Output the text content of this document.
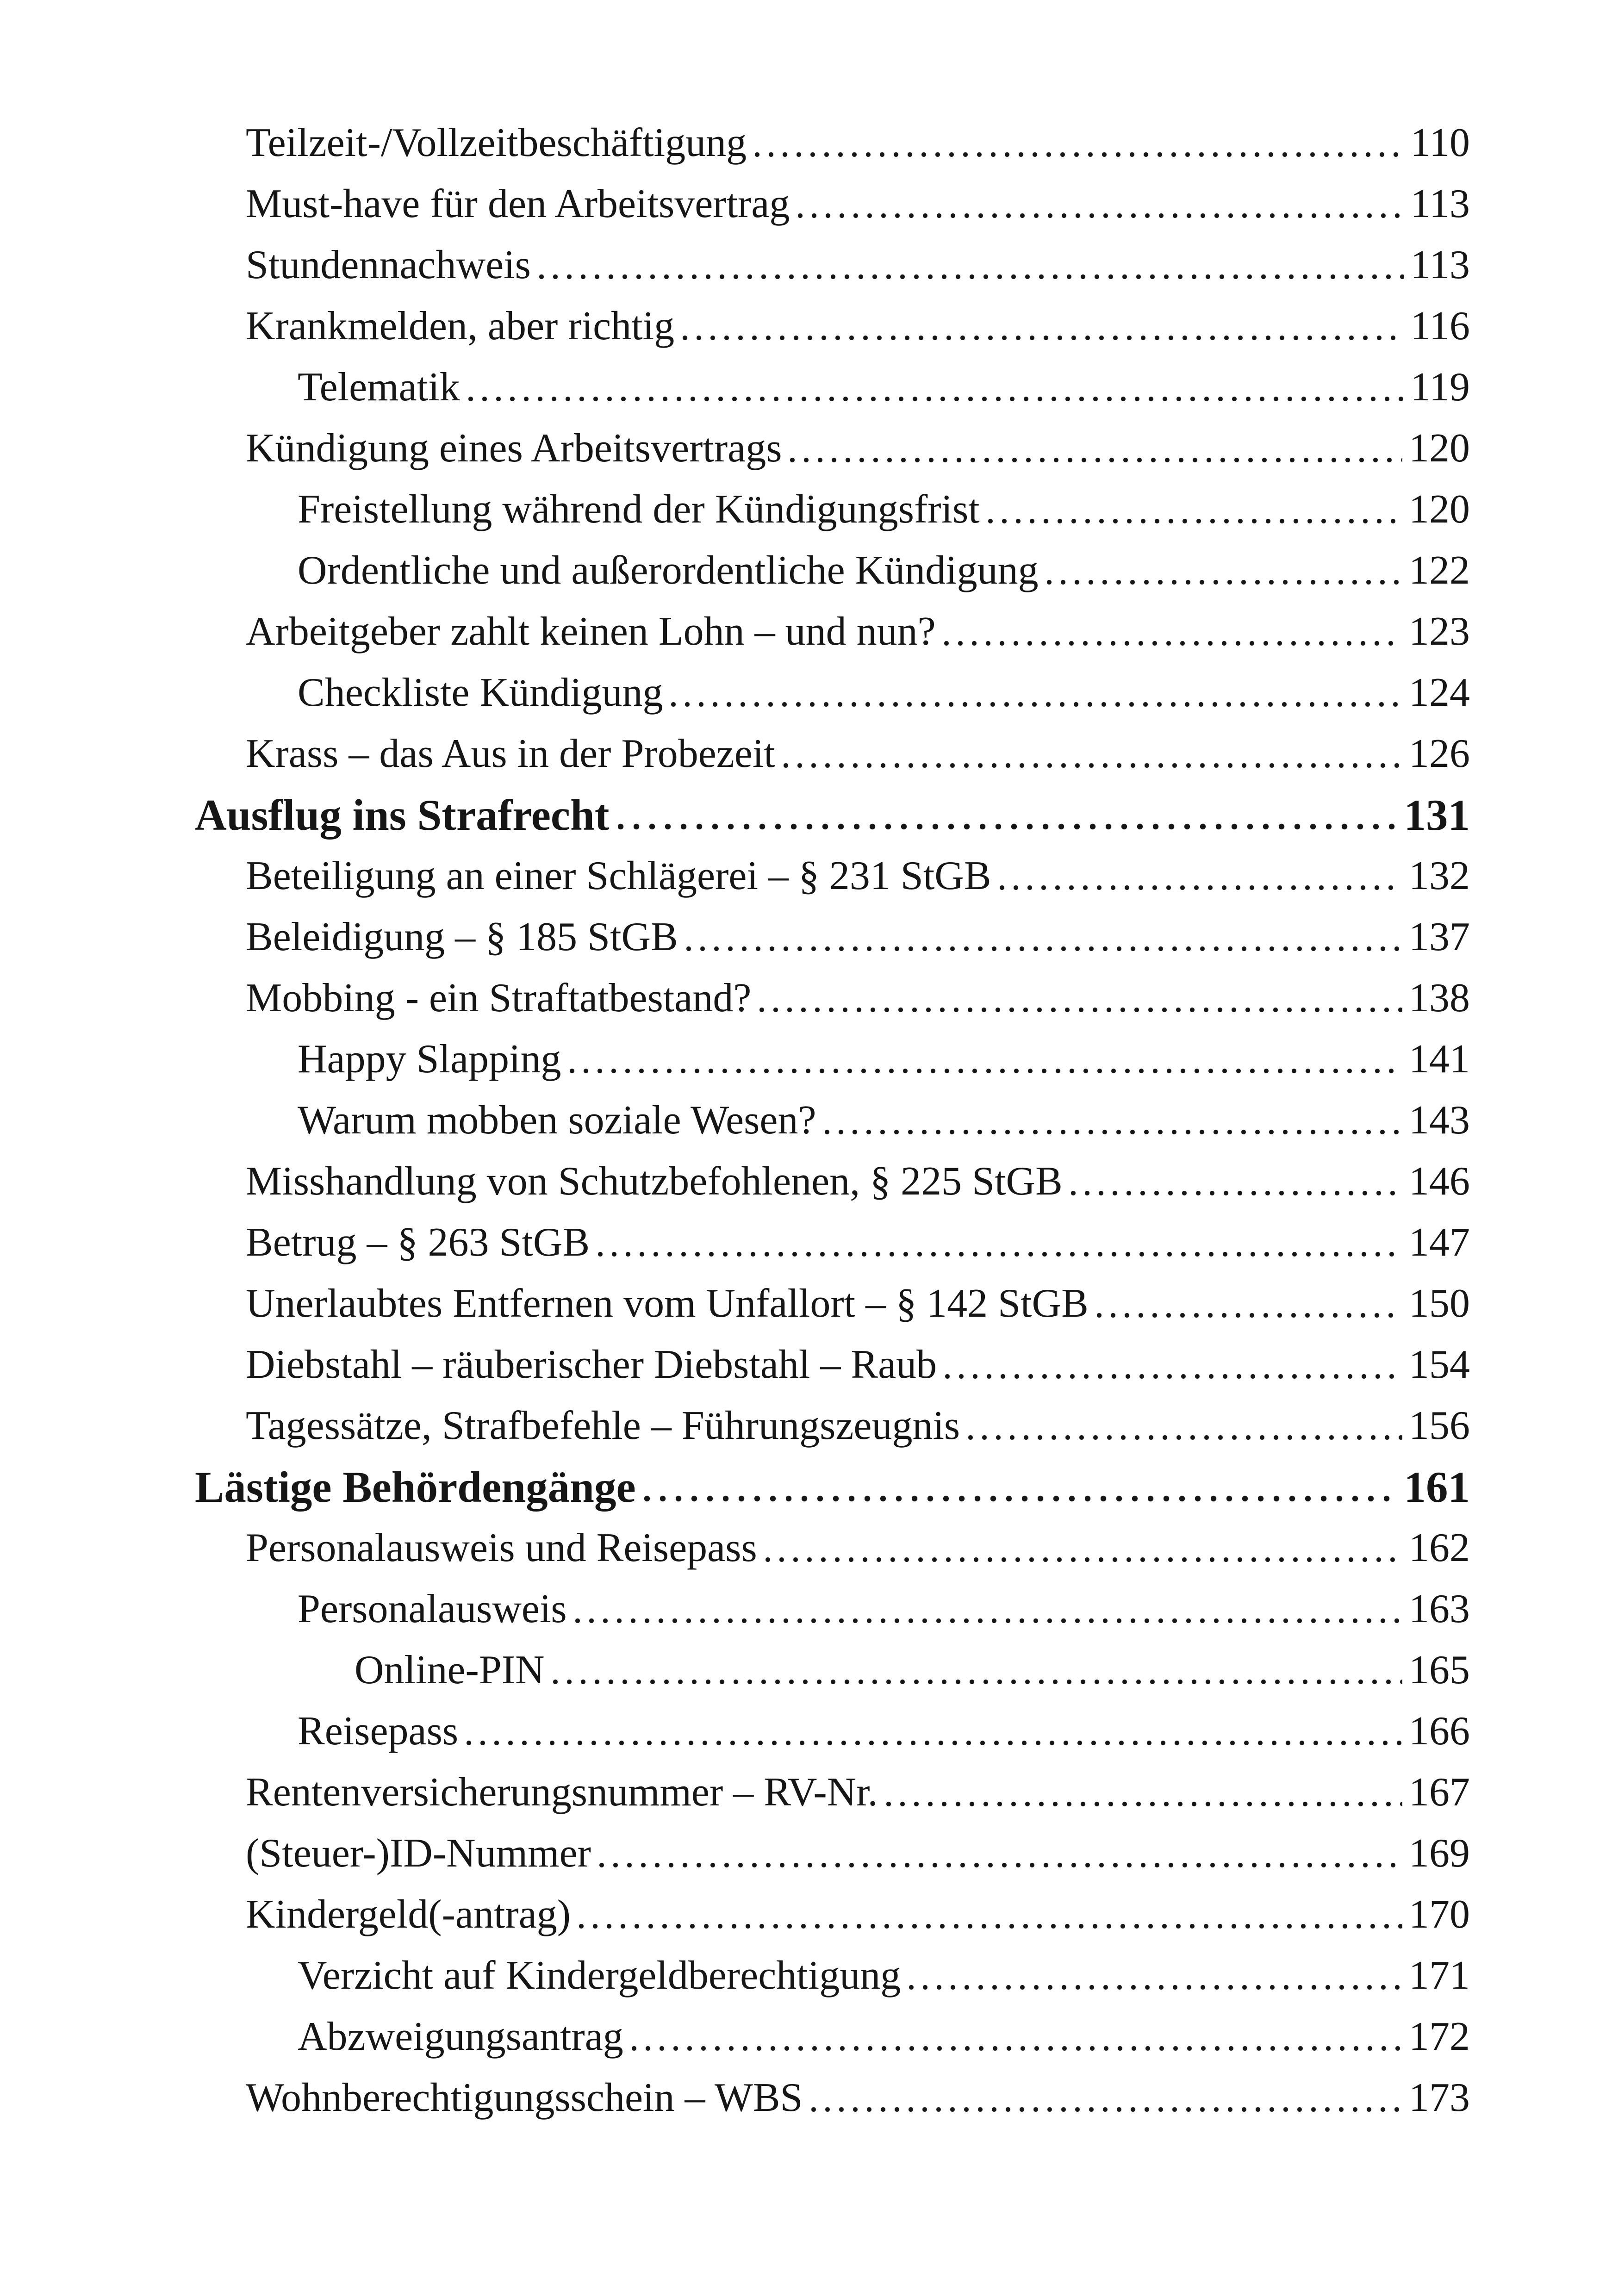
Teilzeit-/Vollzeitbeschäftigung	110
Must-have für den Arbeitsvertrag	113
Stundennachweis	113
Krankmelden, aber richtig	116
Telematik	119
Kündigung eines Arbeitsvertrags	120
Freistellung während der Kündigungsfrist	120
Ordentliche und außerordentliche Kündigung	122
Arbeitgeber zahlt keinen Lohn – und nun?	123
Checkliste Kündigung	124
Krass – das Aus in der Probezeit	126
Ausflug ins Strafrecht	131
Beteiligung an einer Schlägerei – § 231 StGB	132
Beleidigung – § 185 StGB	137
Mobbing - ein Straftatbestand?	138
Happy Slapping	141
Warum mobben soziale Wesen?	143
Misshandlung von Schutzbefohlenen, § 225 StGB	146
Betrug – § 263 StGB	147
Unerlaubtes Entfernen vom Unfallort – § 142 StGB	150
Diebstahl – räuberischer Diebstahl – Raub	154
Tagessätze, Strafbefehle – Führungszeugnis	156
Lästige Behördengänge	161
Personalausweis und Reisepass	162
Personalausweis	163
Online-PIN	165
Reisepass	166
Rentenversicherungsnummer – RV-Nr.	167
(Steuer-)ID-Nummer	169
Kindergeld(-antrag)	170
Verzicht auf Kindergeldberechtigung	171
Abzweigungsantrag	172
Wohnberechtigungsschein – WBS	173
